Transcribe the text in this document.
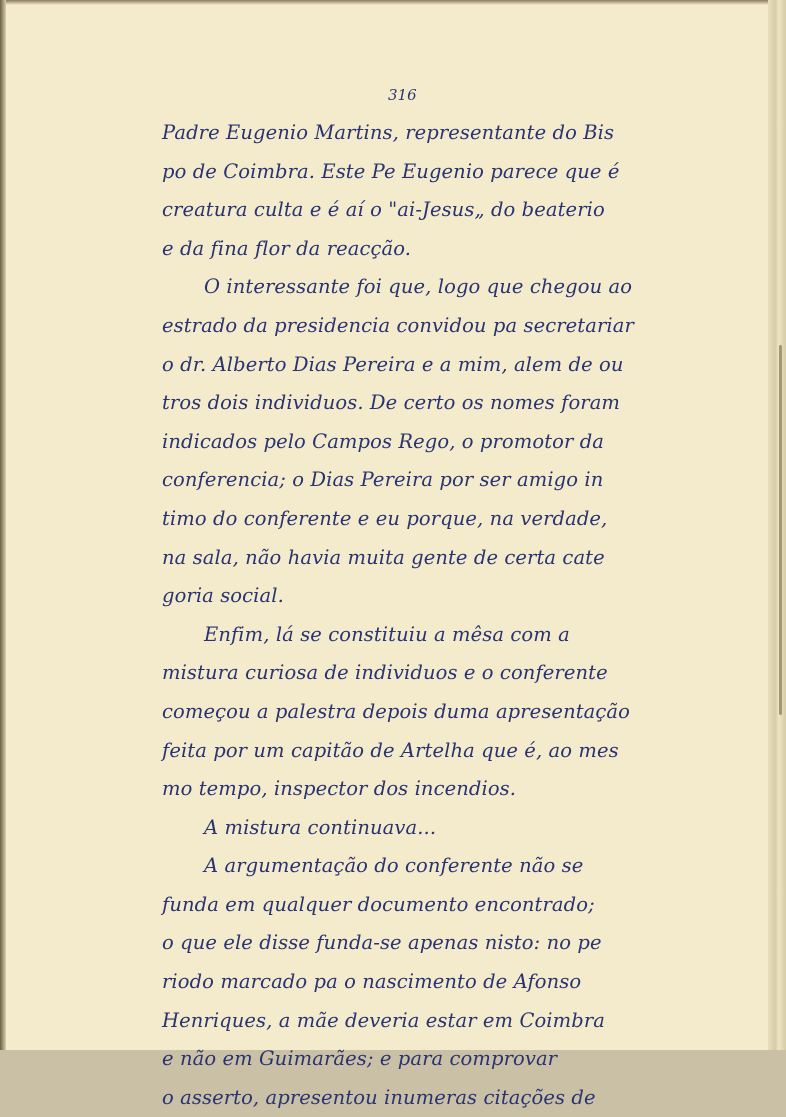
316
Padre Eugenio Martins, representante do Bis
po de Coimbra. Este Pe Eugenio parece que é
creatura culta e é aí o "ai-Jesus„ do beaterio
e da fina flor da reacção.
O interessante foi que, logo que chegou ao
estrado da presidencia convidou pa secretariar
o dr. Alberto Dias Pereira e a mim, alem de ou
tros dois individuos. De certo os nomes foram
indicados pelo Campos Rego, o promotor da
conferencia; o Dias Pereira por ser amigo in
timo do conferente e eu porque, na verdade,
na sala, não havia muita gente de certa cate
goria social.
Enfim, lá se constituiu a mêsa com a
mistura curiosa de individuos e o conferente
começou a palestra depois duma apresentação
feita por um capitão de Artelha que é, ao mes
mo tempo, inspector dos incendios.
A mistura continuava...
A argumentação do conferente não se
funda em qualquer documento encontrado;
o que ele disse funda-se apenas nisto: no pe
riodo marcado pa o nascimento de Afonso
Henriques, a mãe deveria estar em Coimbra
e não em Guimarães; e para comprovar
o asserto, apresentou inumeras citações de
